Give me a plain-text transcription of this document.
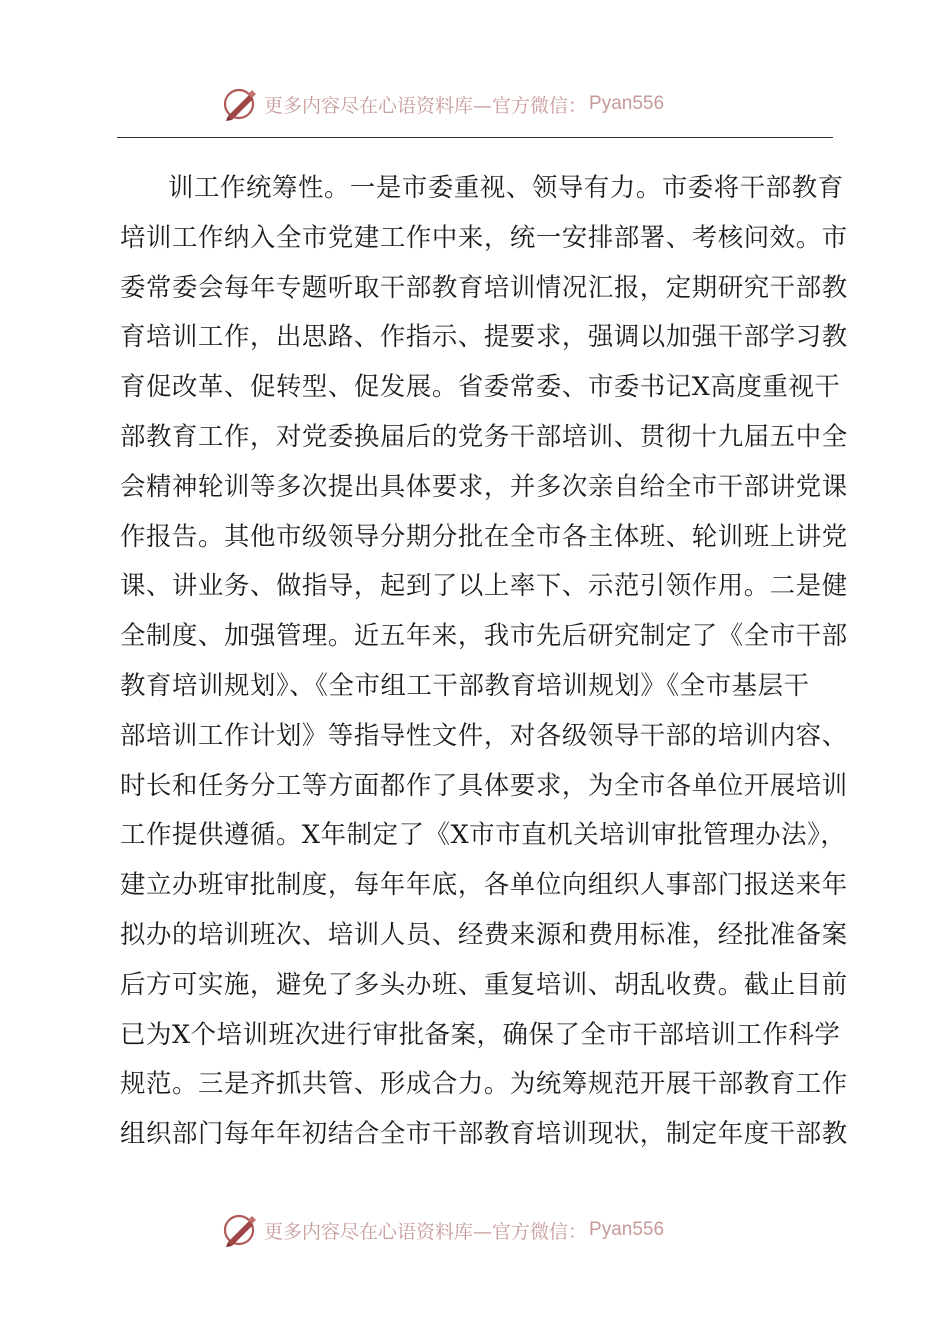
更多内容尽在心语资料库—官方微信： Pyan556
训工作统筹性。一是市委重视、领导有力。市委将干部教育
培训工作纳入全市党建工作中来，统一安排部署、考核问效。市
委常委会每年专题听取干部教育培训情况汇报，定期研究干部教
育培训工作，出思路、作指示、提要求，强调以加强干部学习教
育促改革、促转型、促发展。省委常委、市委书记X高度重视干
部教育工作，对党委换届后的党务干部培训、贯彻十九届五中全
会精神轮训等多次提出具体要求，并多次亲自给全市干部讲党课
作报告。其他市级领导分期分批在全市各主体班、轮训班上讲党
课、讲业务、做指导，起到了以上率下、示范引领作用。二是健
全制度、加强管理。近五年来，我市先后研究制定了《全市干部
教育培训规划》、《全市组工干部教育培训规划》《全市基层干
部培训工作计划》等指导性文件，对各级领导干部的培训内容、
时长和任务分工等方面都作了具体要求，为全市各单位开展培训
工作提供遵循。X年制定了《X市市直机关培训审批管理办法》，
建立办班审批制度，每年年底，各单位向组织人事部门报送来年
拟办的培训班次、培训人员、经费来源和费用标准，经批准备案
后方可实施，避免了多头办班、重复培训、胡乱收费。截止目前
已为X个培训班次进行审批备案，确保了全市干部培训工作科学
规范。三是齐抓共管、形成合力。为统筹规范开展干部教育工作
组织部门每年年初结合全市干部教育培训现状，制定年度干部教
更多内容尽在心语资料库—官方微信： Pyan556
